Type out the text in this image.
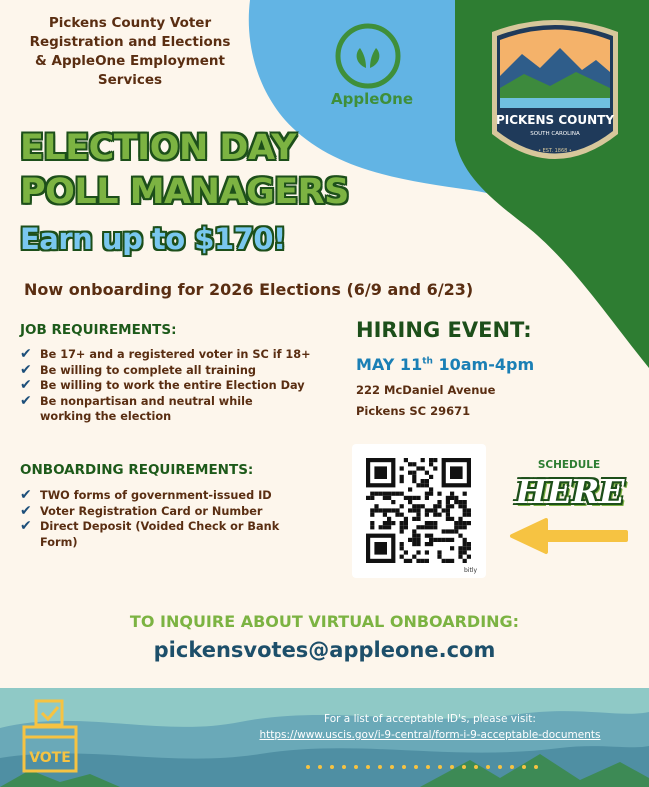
Pickens County Voter
Registration and Elections
& AppleOne Employment
Services
AppleOne
PICKENS COUNTY
SOUTH CAROLINA
• EST. 1868 •
ELECTION DAY
POLL MANAGERS
Earn up to $170!
Now onboarding for 2026 Elections (6/9 and 6/23)
JOB REQUIREMENTS:
✔ Be 17+ and a registered voter in SC if 18+
✔ Be willing to complete all training
✔ Be willing to work the entire Election Day
✔ Be nonpartisan and neutral while working the election
ONBOARDING REQUIREMENTS:
✔ TWO forms of government-issued ID
✔ Voter Registration Card or Number
✔ Direct Deposit (Voided Check or Bank Form)
HIRING EVENT:
MAY 11th 10am-4pm
222 McDaniel Avenue
Pickens SC 29671
bitly
SCHEDULE
HERE
TO INQUIRE ABOUT VIRTUAL ONBOARDING:
pickensvotes@appleone.com
VOTE
For a list of acceptable ID's, please visit:
https://www.uscis.gov/i-9-central/form-i-9-acceptable-documents
